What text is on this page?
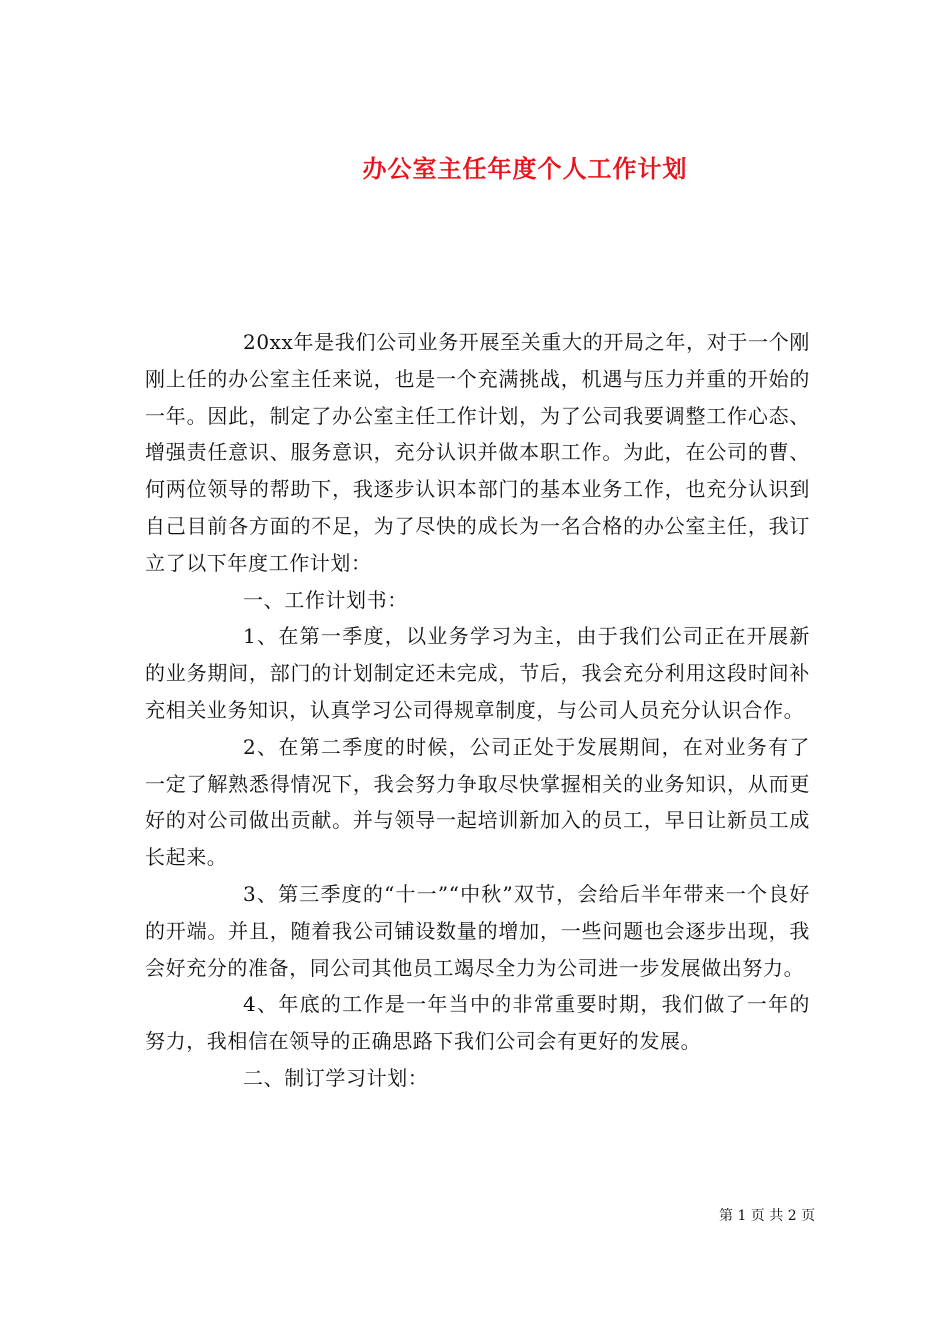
办公室主任年度个人工作计划

20xx年是我们公司业务开展至关重大的开局之年，对于一个刚刚上任的办公室主任来说，也是一个充满挑战，机遇与压力并重的开始的一年。因此，制定了办公室主任工作计划，为了公司我要调整工作心态、增强责任意识、服务意识，充分认识并做本职工作。为此，在公司的曹、何两位领导的帮助下，我逐步认识本部门的基本业务工作，也充分认识到自己目前各方面的不足，为了尽快的成长为一名合格的办公室主任，我订立了以下年度工作计划：

一、工作计划书：

1、在第一季度，以业务学习为主，由于我们公司正在开展新的业务期间，部门的计划制定还未完成，节后，我会充分利用这段时间补充相关业务知识，认真学习公司得规章制度，与公司人员充分认识合作。

2、在第二季度的时候，公司正处于发展期间，在对业务有了一定了解熟悉得情况下，我会努力争取尽快掌握相关的业务知识，从而更好的对公司做出贡献。并与领导一起培训新加入的员工，早日让新员工成长起来。

3、第三季度的“十一”“中秋”双节，会给后半年带来一个良好的开端。并且，随着我公司铺设数量的增加，一些问题也会逐步出现，我会好充分的准备，同公司其他员工竭尽全力为公司进一步发展做出努力。

4、年底的工作是一年当中的非常重要时期，我们做了一年的努力，我相信在领导的正确思路下我们公司会有更好的发展。

二、制订学习计划：

第 1 页 共 2 页
